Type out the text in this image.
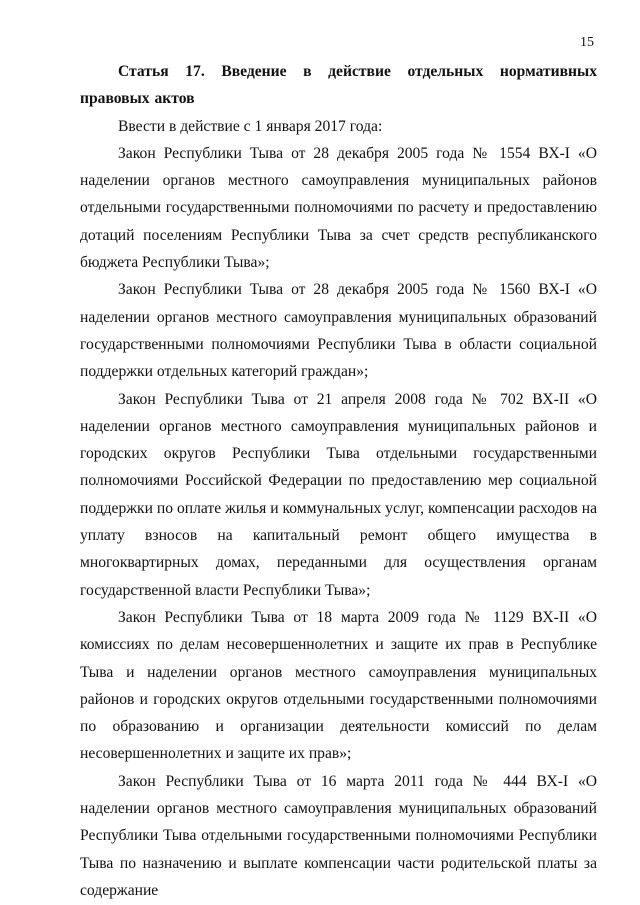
15

Статья 17. Введение в действие отдельных нормативных правовых актов

Ввести в действие с 1 января 2017 года:

Закон Республики Тыва от 28 декабря 2005 года № 1554 ВХ-I «О наделении органов местного самоуправления муниципальных районов отдельными государственными полномочиями по расчету и предоставлению дотаций поселениям Республики Тыва за счет средств республиканского бюджета Республики Тыва»;

Закон Республики Тыва от 28 декабря 2005 года № 1560 ВХ-I «О наделении органов местного самоуправления муниципальных образований государственными полномочиями Республики Тыва в области социальной поддержки отдельных категорий граждан»;

Закон Республики Тыва от 21 апреля 2008 года № 702 ВХ-II «О наделении органов местного самоуправления муниципальных районов и городских округов Республики Тыва отдельными государственными полномочиями Российской Федерации по предоставлению мер социальной поддержки по оплате жилья и коммунальных услуг, компенсации расходов на уплату взносов на капитальный ремонт общего имущества в многоквартирных домах, переданными для осуществления органам государственной власти Республики Тыва»;

Закон Республики Тыва от 18 марта 2009 года № 1129 ВХ-II «О комиссиях по делам несовершеннолетних и защите их прав в Республике Тыва и наделении органов местного самоуправления муниципальных районов и городских округов отдельными государственными полномочиями по образованию и организации деятельности комиссий по делам несовершеннолетних и защите их прав»;

Закон Республики Тыва от 16 марта 2011 года № 444 ВХ-I «О наделении органов местного самоуправления муниципальных образований Республики Тыва отдельными государственными полномочиями Республики Тыва по назначению и выплате компенсации части родительской платы за содержание
